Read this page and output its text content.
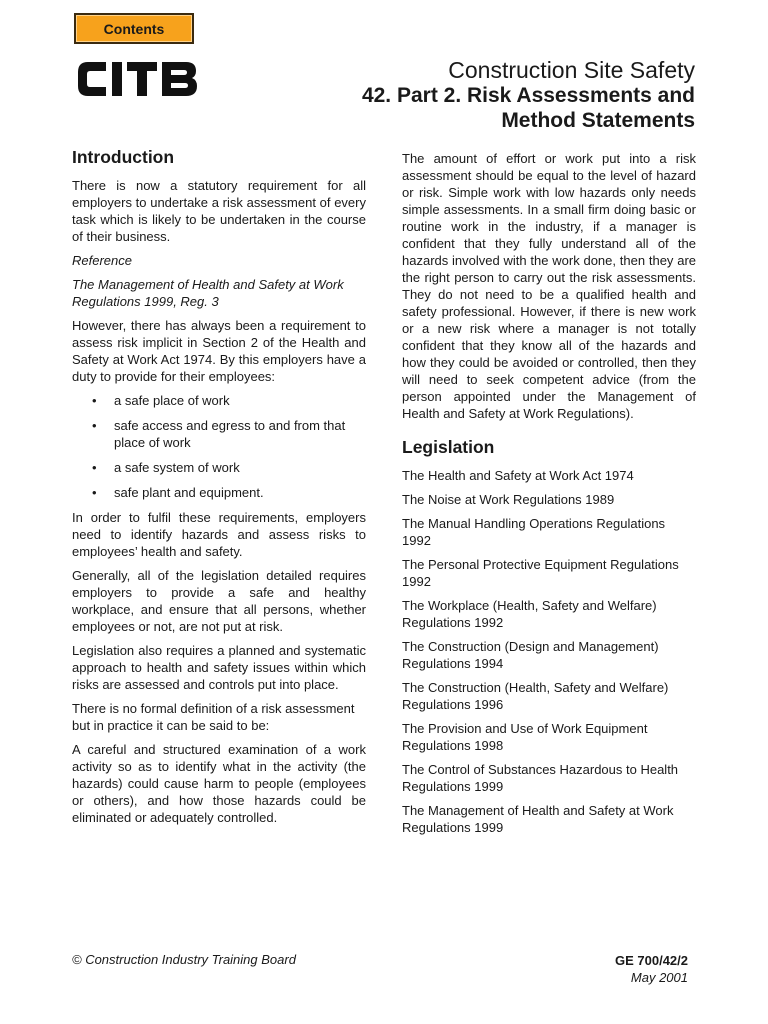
Contents
Construction Site Safety
42. Part 2. Risk Assessments and Method Statements
Introduction

There is now a statutory requirement for all employers to undertake a risk assessment of every task which is likely to be undertaken in the course of their business.

Reference

The Management of Health and Safety at Work Regulations 1999, Reg. 3

However, there has always been a requirement to assess risk implicit in Section 2 of the Health and Safety at Work Act 1974. By this employers have a duty to provide for their employees:

• a safe place of work
• safe access and egress to and from that place of work
• a safe system of work
• safe plant and equipment.

In order to fulfil these requirements, employers need to identify hazards and assess risks to employees’ health and safety.

Generally, all of the legislation detailed requires employers to provide a safe and healthy workplace, and ensure that all persons, whether employees or not, are not put at risk.

Legislation also requires a planned and systematic approach to health and safety issues within which risks are assessed and controls put into place.

There is no formal definition of a risk assessment but in practice it can be said to be:

A careful and structured examination of a work activity so as to identify what in the activity (the hazards) could cause harm to people (employees or others), and how those hazards could be eliminated or adequately controlled.

The amount of effort or work put into a risk assessment should be equal to the level of hazard or risk. Simple work with low hazards only needs simple assessments. In a small firm doing basic or routine work in the industry, if a manager is confident that they fully understand all of the hazards involved with the work done, then they are the right person to carry out the risk assessments. They do not need to be a qualified health and safety professional. However, if there is new work or a new risk where a manager is not totally confident that they know all of the hazards and how they could be avoided or controlled, then they will need to seek competent advice (from the person appointed under the Management of Health and Safety at Work Regulations).

Legislation

The Health and Safety at Work Act 1974

The Noise at Work Regulations 1989

The Manual Handling Operations Regulations 1992

The Personal Protective Equipment Regulations 1992

The Workplace (Health, Safety and Welfare) Regulations 1992

The Construction (Design and Management) Regulations 1994

The Construction (Health, Safety and Welfare) Regulations 1996

The Provision and Use of Work Equipment Regulations 1998

The Control of Substances Hazardous to Health Regulations 1999

The Management of Health and Safety at Work Regulations 1999

© Construction Industry Training Board	GE 700/42/2
May 2001
